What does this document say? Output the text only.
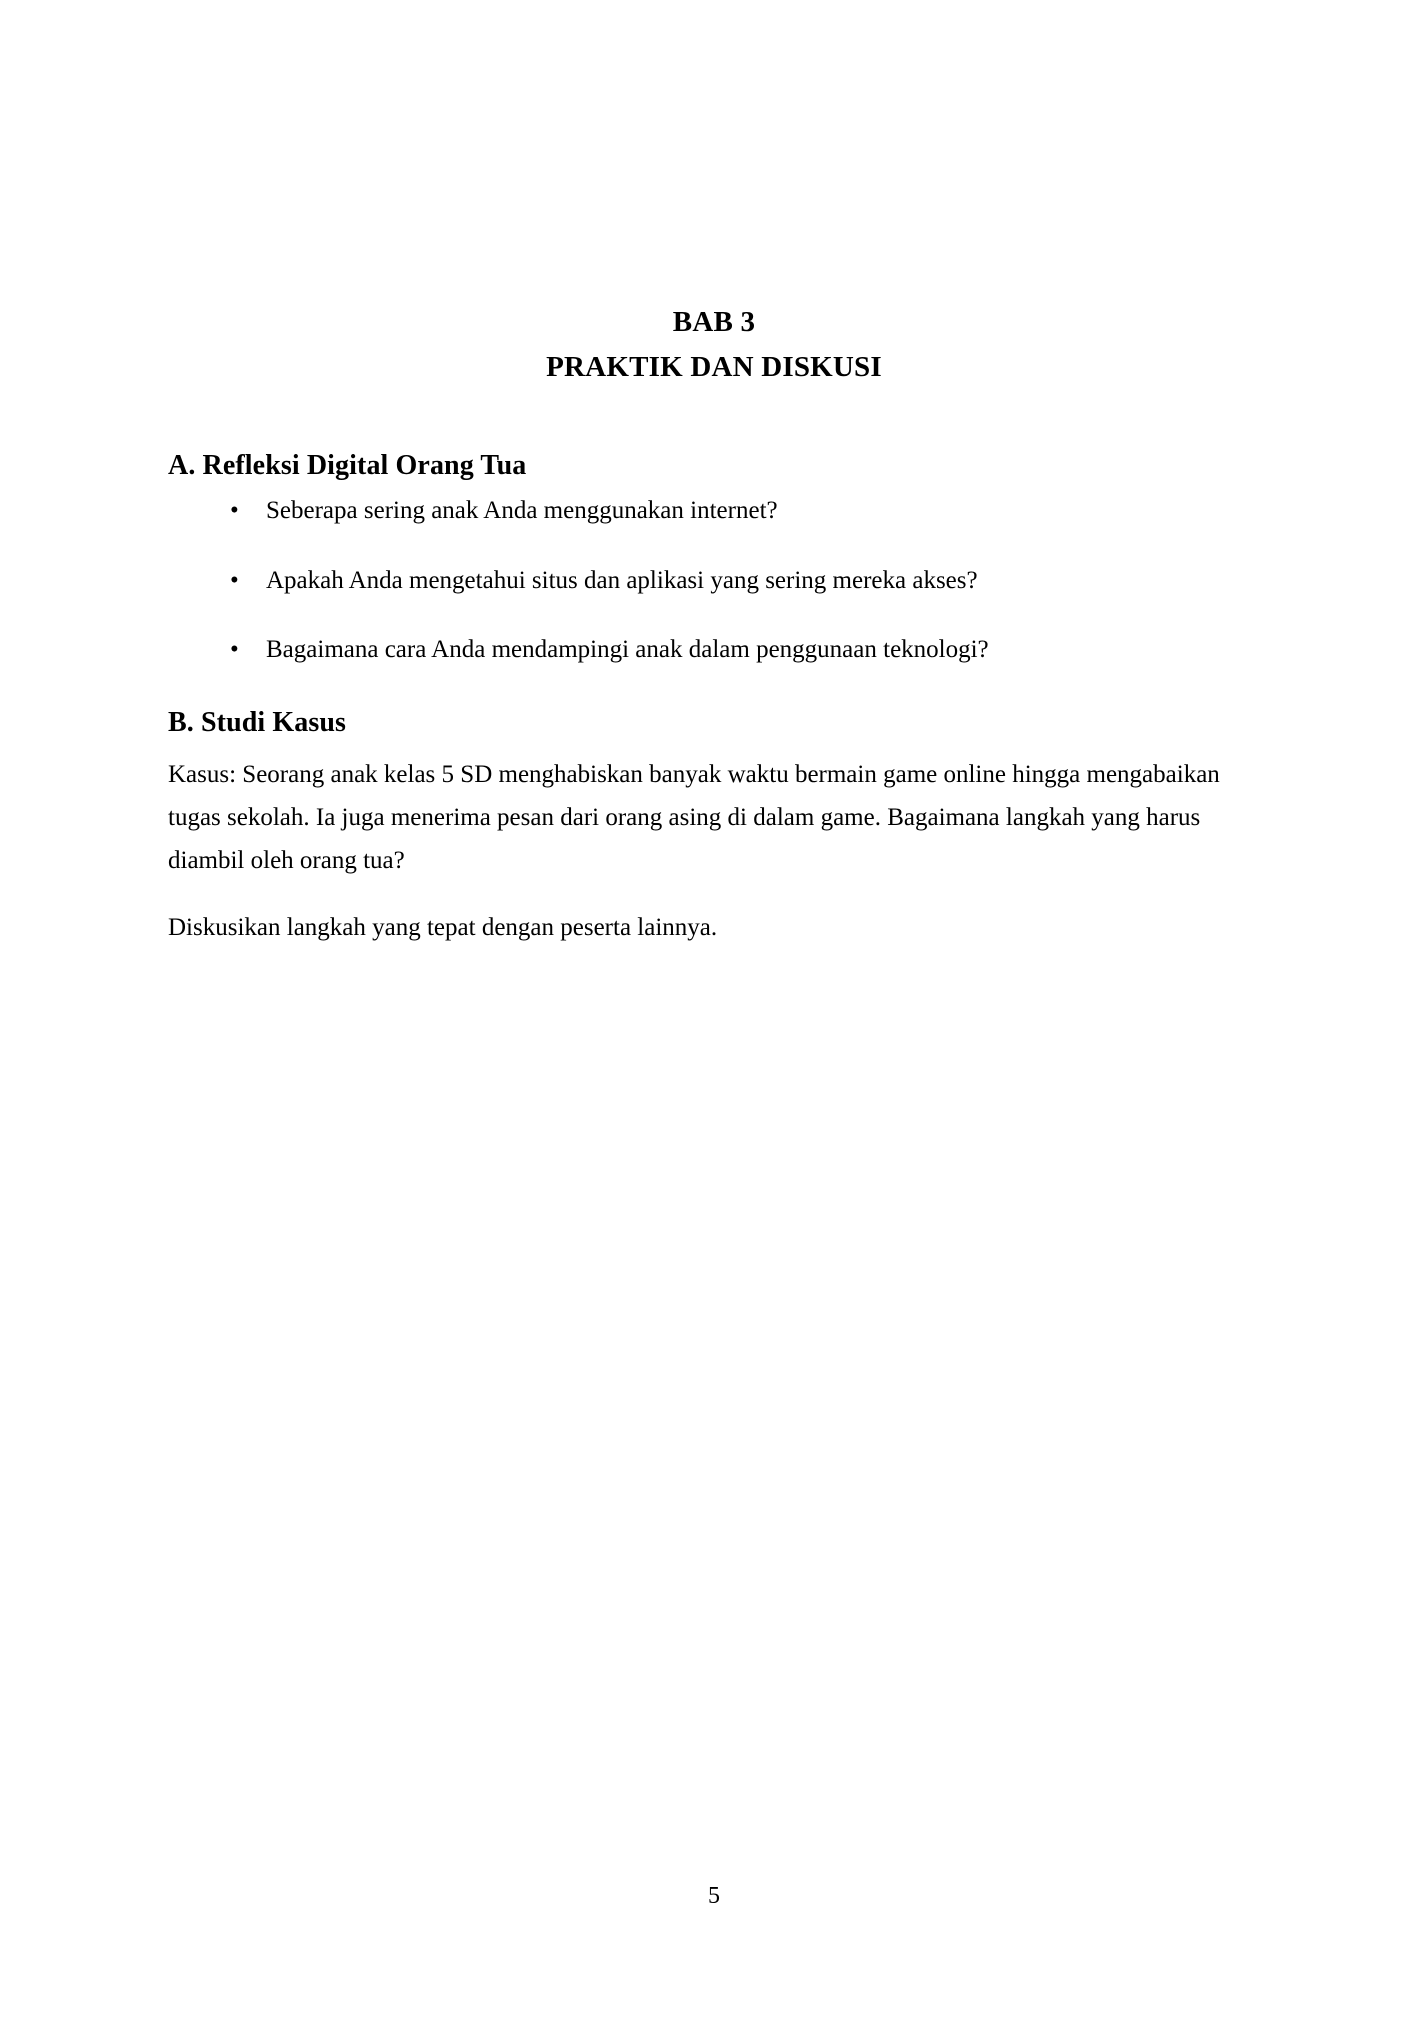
BAB 3
PRAKTIK DAN DISKUSI
A. Refleksi Digital Orang Tua
• Seberapa sering anak Anda menggunakan internet?
• Apakah Anda mengetahui situs dan aplikasi yang sering mereka akses?
• Bagaimana cara Anda mendampingi anak dalam penggunaan teknologi?
B. Studi Kasus

Kasus: Seorang anak kelas 5 SD menghabiskan banyak waktu bermain game online hingga mengabaikan tugas sekolah. Ia juga menerima pesan dari orang asing di dalam game. Bagaimana langkah yang harus diambil oleh orang tua?

Diskusikan langkah yang tepat dengan peserta lainnya.

5
